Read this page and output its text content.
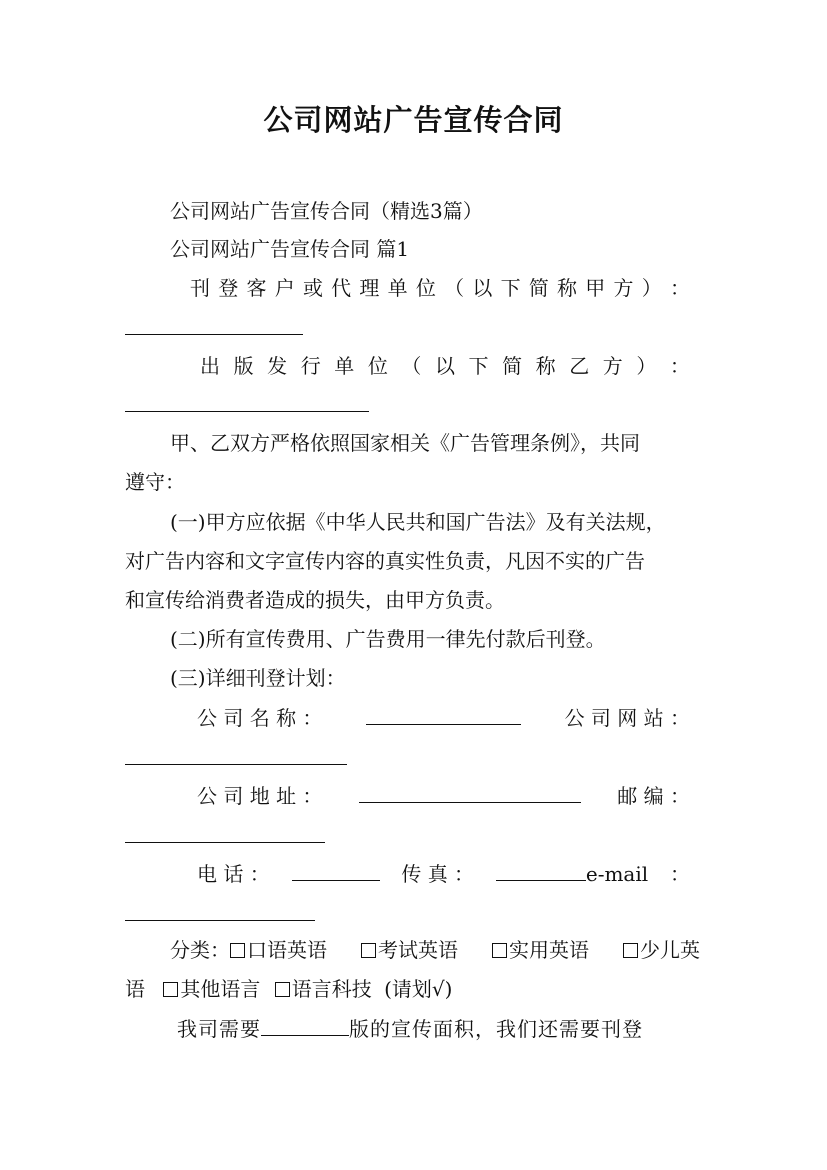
公司网站广告宣传合同
公司网站广告宣传合同（精选3篇）
公司网站广告宣传合同 篇1
刊 登 客 户 或 代 理 单 位 （ 以 下 简 称 甲 方 ） ：
出 版 发 行 单 位 （ 以 下 简 称 乙 方 ） ：
甲、乙双方严格依照国家相关《广告管理条例》，共同
遵守：
(一)甲方应依据《中华人民共和国广告法》及有关法规，
对广告内容和文字宣传内容的真实性负责，凡因不实的广告
和宣传给消费者造成的损失，由甲方负责。
(二)所有宣传费用、广告费用一律先付款后刊登。
(三)详细刊登计划：
公 司 名 称 ：	公 司 网 站 ：
公 司 地 址 ：	邮 编 ：
电 话 ：	传 真 ：	e-mail ：
分类： 口语英语	考试英语	实用英语	少儿英
语 其他语言 语言科技 (请划√)
我司需要	版的宣传面积，我们还需要刊登
